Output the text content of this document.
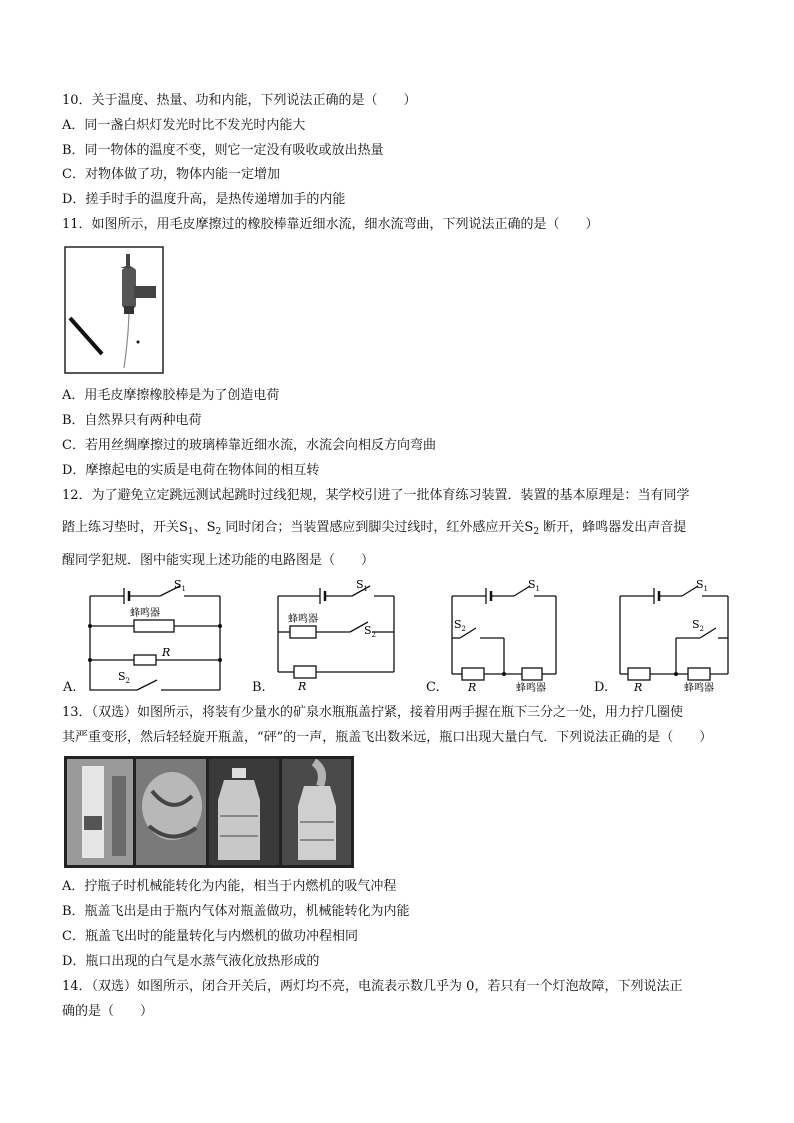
10．关于温度、热量、功和内能，下列说法正确的是（　　）
A．同一盏白炽灯发光时比不发光时内能大
B．同一物体的温度不变，则它一定没有吸收或放出热量
C．对物体做了功，物体内能一定增加
D．搓手时手的温度升高，是热传递增加手的内能
11．如图所示，用毛皮摩擦过的橡胶棒靠近细水流，细水流弯曲，下列说法正确的是（　　）
A．用毛皮摩擦橡胶棒是为了创造电荷
B．自然界只有两种电荷
C．若用丝绸摩擦过的玻璃棒靠近细水流，水流会向相反方向弯曲
D．摩擦起电的实质是电荷在物体间的相互转
12．为了避免立定跳远测试起跳时过线犯规，某学校引进了一批体育练习装置．装置的基本原理是：当有同学
踏上练习垫时，开关$S_1$、$S_2$ 同时闭合；当装置感应到脚尖过线时，红外感应开关$S_2$ 断开，蜂鸣器发出声音提
醒同学犯规．图中能实现上述功能的电路图是（　　）
$S_1$
蜂鸣器
R
$S_2$
A.
$S_1$
蜂鸣器
$S_2$
R
B.
$S_1$
$S_2$
R	蜂鸣器
C.
$S_1$
$S_2$
R	蜂鸣器
D.
13．（双选）如图所示，将装有少量水的矿泉水瓶瓶盖拧紧，接着用两手握在瓶下三分之一处，用力拧几圈使
其严重变形，然后轻轻旋开瓶盖，“砰”的一声，瓶盖飞出数米远，瓶口出现大量白气．下列说法正确的是（　　）
A．拧瓶子时机械能转化为内能，相当于内燃机的吸气冲程
B．瓶盖飞出是由于瓶内气体对瓶盖做功，机械能转化为内能
C．瓶盖飞出时的能量转化与内燃机的做功冲程相同
D．瓶口出现的白气是水蒸气液化放热形成的
14．（双选）如图所示，闭合开关后，两灯均不亮，电流表示数几乎为 0，若只有一个灯泡故障，下列说法正
确的是（　　）
